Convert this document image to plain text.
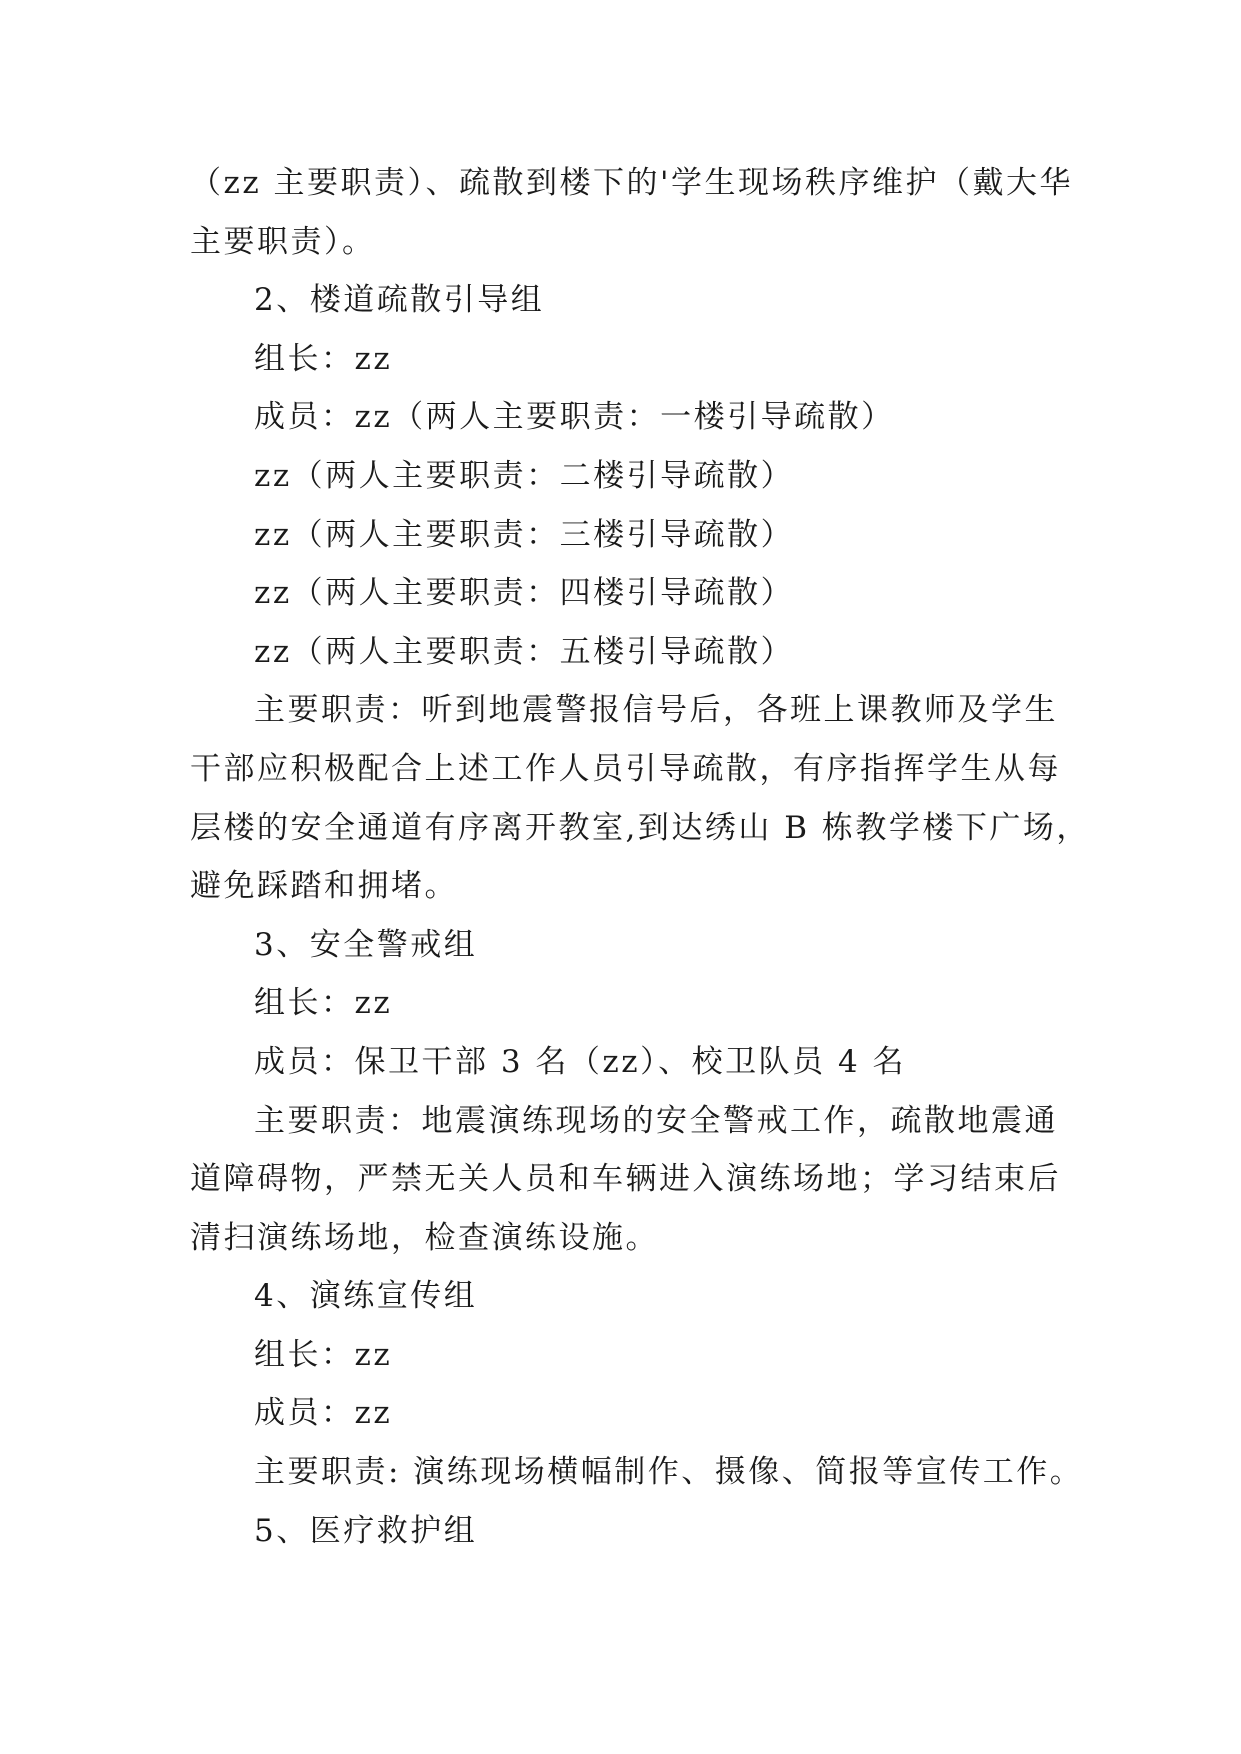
（zz 主要职责）、疏散到楼下的'学生现场秩序维护（戴大华
主要职责）。
2、楼道疏散引导组
组长：zz
成员：zz（两人主要职责：一楼引导疏散）
zz（两人主要职责：二楼引导疏散）
zz（两人主要职责：三楼引导疏散）
zz（两人主要职责：四楼引导疏散）
zz（两人主要职责：五楼引导疏散）
主要职责：听到地震警报信号后，各班上课教师及学生
干部应积极配合上述工作人员引导疏散，有序指挥学生从每
层楼的安全通道有序离开教室,到达绣山 B 栋教学楼下广场，
避免踩踏和拥堵。
3、安全警戒组
组长：zz
成员：保卫干部 3 名（zz）、校卫队员 4 名
主要职责：地震演练现场的安全警戒工作，疏散地震通
道障碍物，严禁无关人员和车辆进入演练场地；学习结束后
清扫演练场地，检查演练设施。
4、演练宣传组
组长：zz
成员：zz
主要职责: 演练现场横幅制作、摄像、简报等宣传工作。
5、医疗救护组
